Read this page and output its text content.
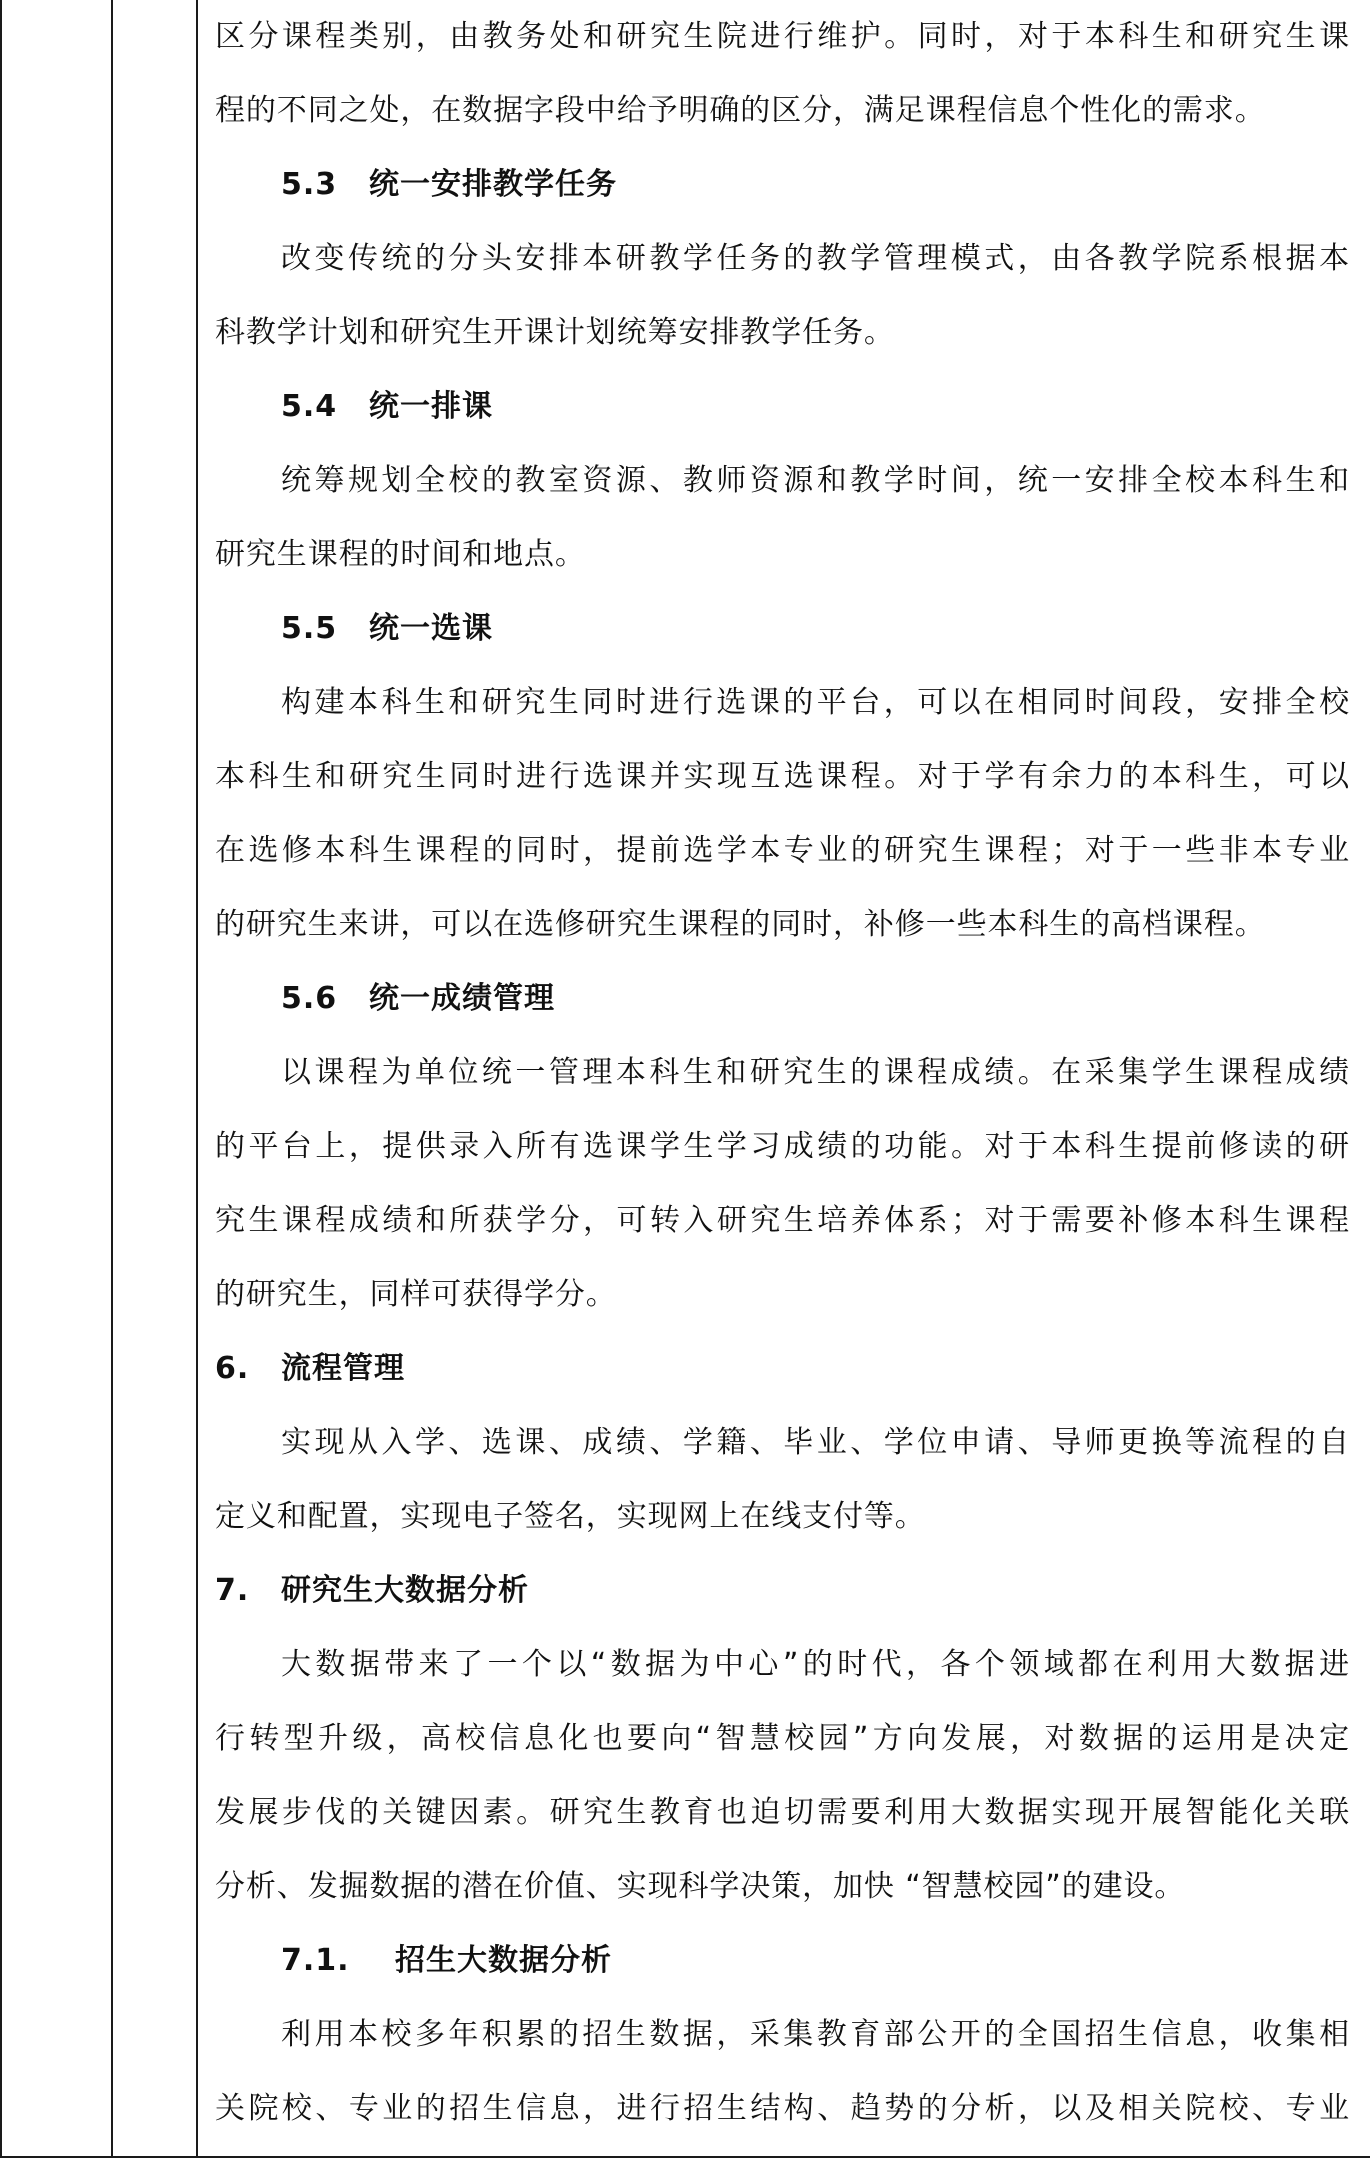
区分课程类别，由教务处和研究生院进行维护。同时，对于本科生和研究生课
程的不同之处，在数据字段中给予明确的区分，满足课程信息个性化的需求。
5.3 统一安排教学任务
改变传统的分头安排本研教学任务的教学管理模式，由各教学院系根据本
科教学计划和研究生开课计划统筹安排教学任务。
5.4 统一排课
统筹规划全校的教室资源、教师资源和教学时间，统一安排全校本科生和
研究生课程的时间和地点。
5.5 统一选课
构建本科生和研究生同时进行选课的平台，可以在相同时间段，安排全校
本科生和研究生同时进行选课并实现互选课程。对于学有余力的本科生，可以
在选修本科生课程的同时，提前选学本专业的研究生课程；对于一些非本专业
的研究生来讲，可以在选修研究生课程的同时，补修一些本科生的高档课程。
5.6 统一成绩管理
以课程为单位统一管理本科生和研究生的课程成绩。在采集学生课程成绩
的平台上，提供录入所有选课学生学习成绩的功能。对于本科生提前修读的研
究生课程成绩和所获学分，可转入研究生培养体系；对于需要补修本科生课程
的研究生，同样可获得学分。
6. 流程管理
实现从入学、选课、成绩、学籍、毕业、学位申请、导师更换等流程的自
定义和配置，实现电子签名，实现网上在线支付等。
7. 研究生大数据分析
大数据带来了一个以“数据为中心”的时代，各个领域都在利用大数据进
行转型升级，高校信息化也要向“智慧校园”方向发展，对数据的运用是决定
发展步伐的关键因素。研究生教育也迫切需要利用大数据实现开展智能化关联
分析、发掘数据的潜在价值、实现科学决策，加快 “智慧校园”的建设。
7.1. 招生大数据分析
利用本校多年积累的招生数据，采集教育部公开的全国招生信息，收集相
关院校、专业的招生信息，进行招生结构、趋势的分析，以及相关院校、专业
